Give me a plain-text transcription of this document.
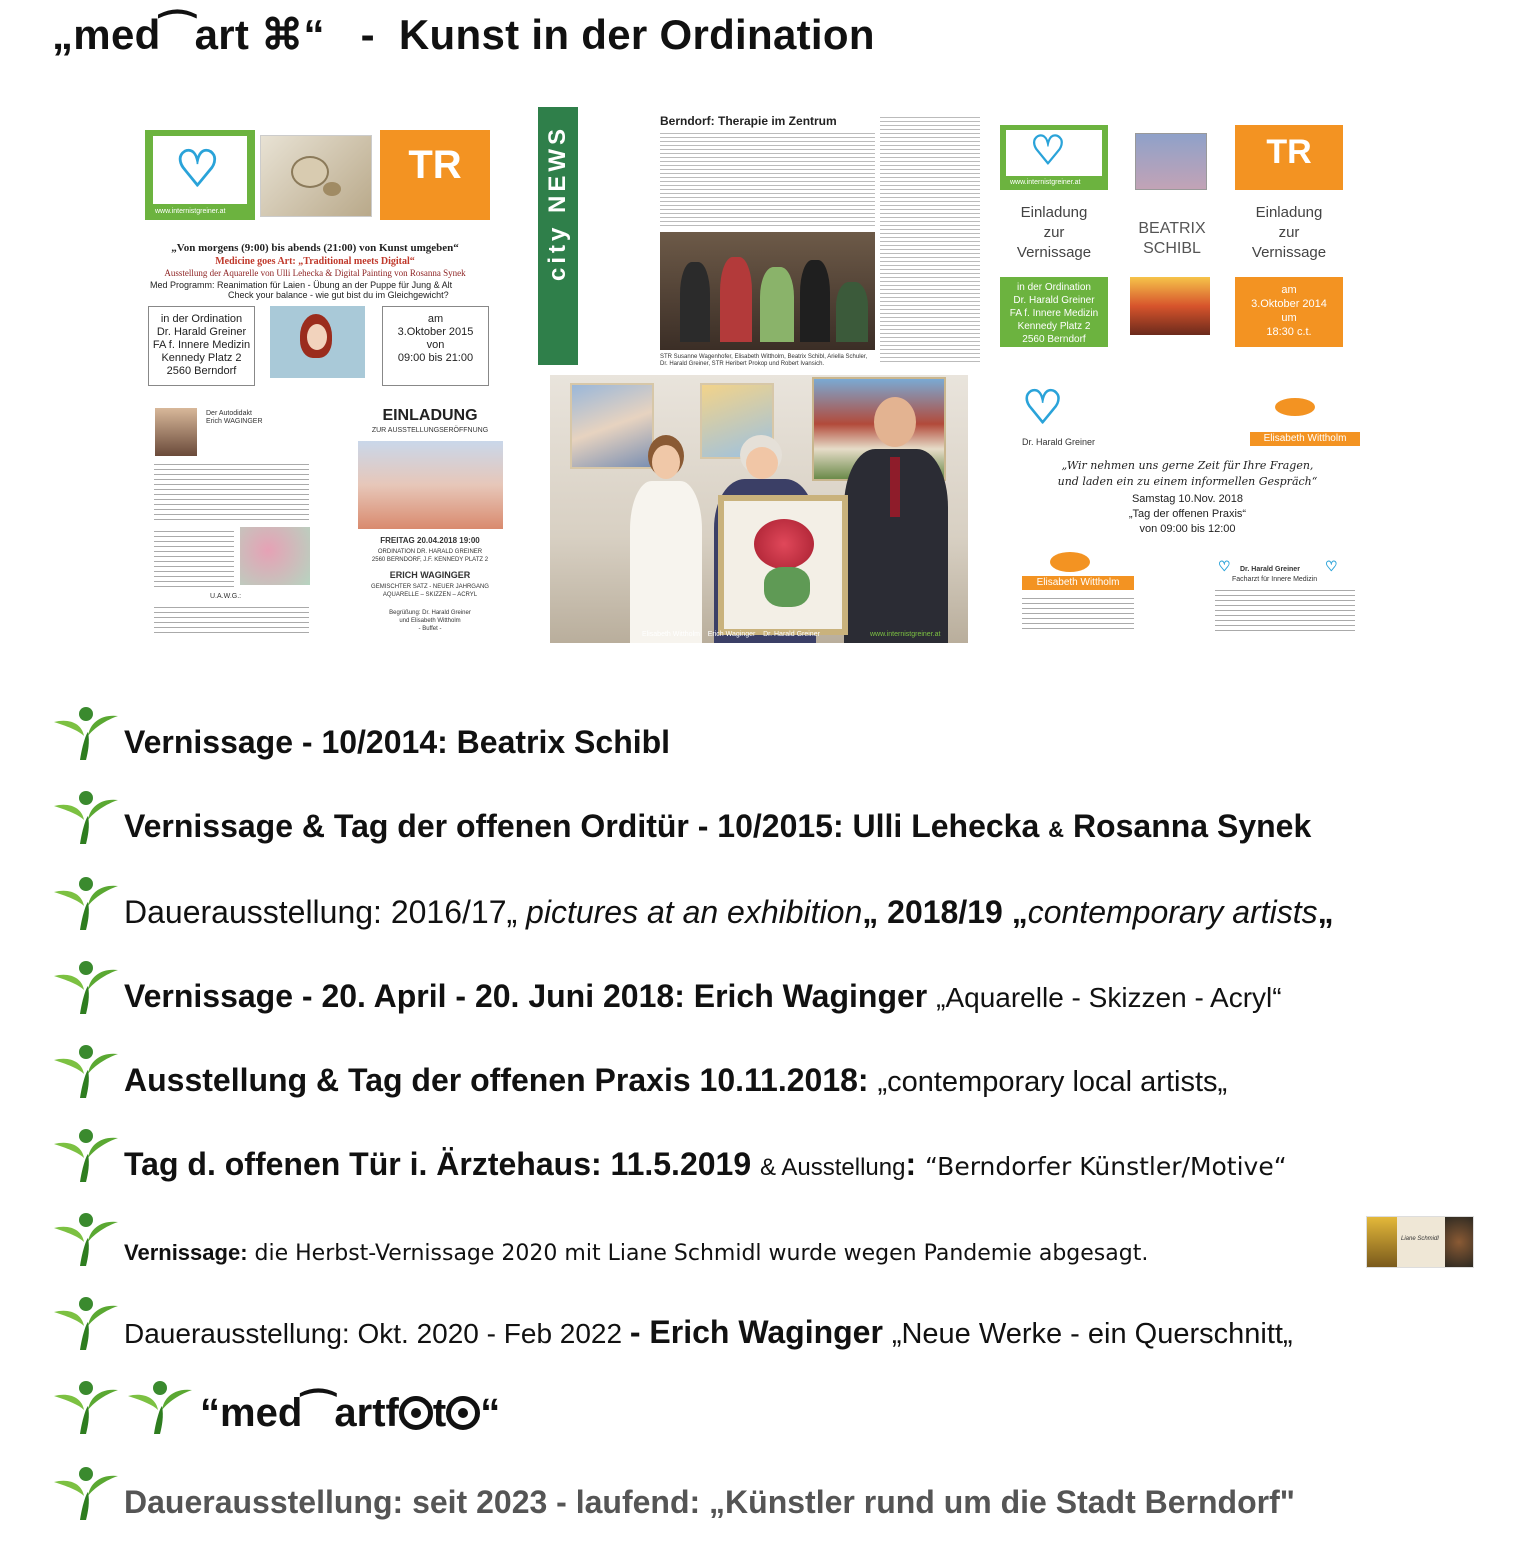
„med⁀art ⌘“   -  Kunst in der Ordination
♡
www.internistgreiner.at
TR
„Von morgens (9:00) bis abends (21:00) von Kunst umgeben“
Medicine goes Art: „Traditional meets Digital“
Ausstellung der Aquarelle von Ulli Lehecka & Digital Painting von Rosanna Synek
Med Programm: Reanimation für Laien - Übung an der Puppe für Jung & Alt
Check your balance - wie gut bist du im Gleichgewicht?
in der Ordination
Dr. Harald Greiner
FA f. Innere Medizin
Kennedy Platz 2
2560 Berndorf
am
3.Oktober 2015
von
09:00 bis 21:00
city NEWS
Berndorf: Therapie im Zentrum
STR Susanne Wagenhofer, Elisabeth Wittholm, Beatrix Schibl, Ariella Schuler, Dr. Harald Greiner, STR Heribert Prokop und Robert Ivansich.
♡
www.internistgreiner.at
Einladung
zur
Vernissage
BEATRIX
SCHIBL
TR
Einladung
zur
Vernissage
in der Ordination
Dr. Harald Greiner
FA f. Innere Medizin
Kennedy Platz 2
2560 Berndorf
am
3.Oktober 2014
um
18:30 c.t.
Der Autodidakt
Erich WAGINGER
U.A.W.G.:
EINLADUNG
ZUR AUSSTELLUNGSERÖFFNUNG
FREITAG 20.04.2018 19:00
ORDINATION DR. HARALD GREINER
2560 BERNDORF, J.F. KENNEDY PLATZ 2
ERICH WAGINGER
GEMISCHTER SATZ - NEUER JAHRGANG
AQUARELLE – SKIZZEN – ACRYL
Begrüßung: Dr. Harald Greiner
und Elisabeth Wittholm
- Buffet -
Elisabeth Wittholm    Erich Waginger    Dr. Harald Greiner	www.internistgreiner.at
♡
Dr. Harald Greiner	Elisabeth Wittholm
„Wir nehmen uns gerne Zeit für Ihre Fragen,
und laden ein zu einem informellen Gespräch“
Samstag 10.Nov. 2018
„Tag der offenen Praxis“
von 09:00 bis 12:00
Elisabeth Wittholm
♡	♡
Dr. Harald Greiner
Facharzt für Innere Medizin
Vernissage - 10/2014: Beatrix Schibl
Vernissage & Tag der offenen Orditür - 10/2015: Ulli Lehecka & Rosanna Synek
Dauerausstellung: 2016/17„ pictures at an exhibition„ 2018/19 „contemporary artists„
Vernissage - 20. April - 20. Juni 2018: Erich Waginger „Aquarelle - Skizzen - Acryl“
Ausstellung & Tag der offenen Praxis 10.11.2018: „contemporary local artists„
Tag d. offenen Tür i. Ärztehaus: 11.5.2019 & Ausstellung: “Berndorfer Künstler/Motive“
Vernissage: die Herbst-Vernissage 2020 mit Liane Schmidl wurde wegen Pandemie abgesagt.
Liane Schmidl
Dauerausstellung: Okt. 2020 - Feb 2022 - Erich Waginger „Neue Werke - ein Querschnitt„
“med⁀artf t “
Dauerausstellung: seit 2023 - laufend: „Künstler rund um die Stadt Berndorf"
